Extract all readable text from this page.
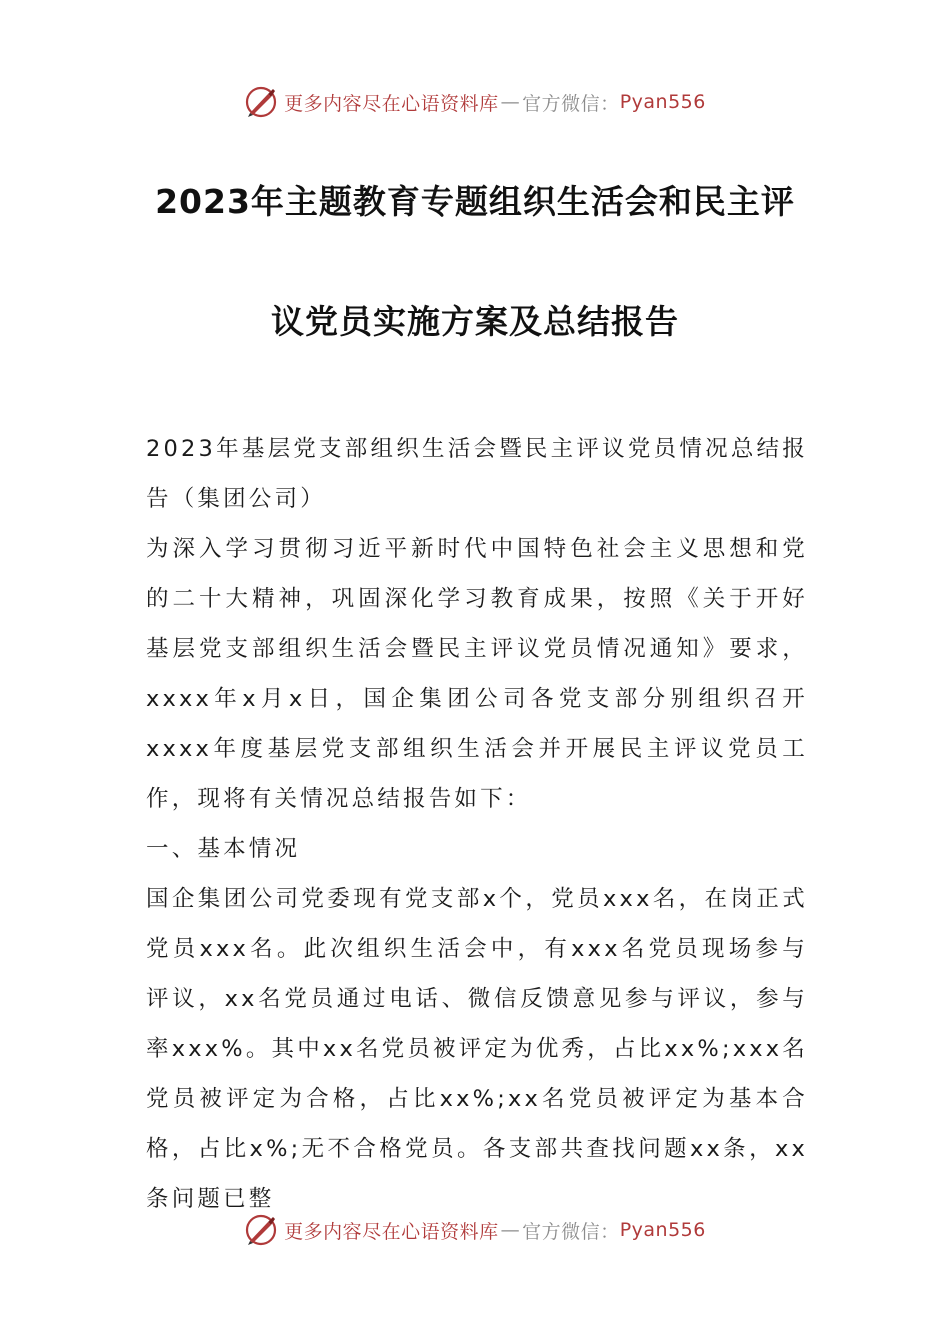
更多内容尽在心语资料库 — 官方微信： Pyan556
2023年主题教育专题组织生活会和民主评
议党员实施方案及总结报告

2023年基层党支部组织生活会暨民主评议党员情况总结报告（集团公司）

为深入学习贯彻习近平新时代中国特色社会主义思想和党的二十大精神，巩固深化学习教育成果，按照《关于开好基层党支部组织生活会暨民主评议党员情况通知》要求，xxxx年x月x日，国企集团公司各党支部分别组织召开xxxx年度基层党支部组织生活会并开展民主评议党员工作，现将有关情况总结报告如下：

一、基本情况

国企集团公司党委现有党支部x个，党员xxx名，在岗正式党员xxx名。此次组织生活会中，有xxx名党员现场参与评议，xx名党员通过电话、微信反馈意见参与评议，参与率xxx%。其中xx名党员被评定为优秀，占比xx%;xxx名党员被评定为合格，占比xx%;xx名党员被评定为基本合格，占比x%;无不合格党员。各支部共查找问题xx条，xx条问题已整

更多内容尽在心语资料库 — 官方微信： Pyan556
